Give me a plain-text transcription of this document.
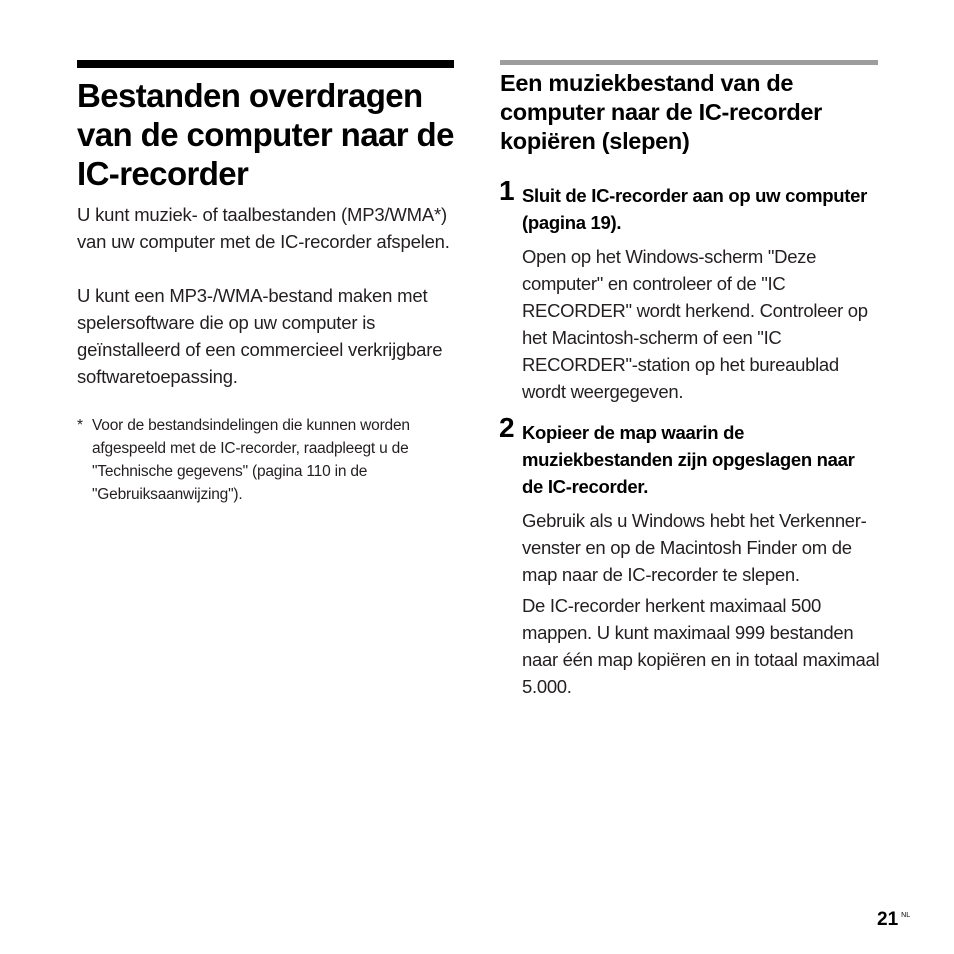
Bestanden overdragen van de computer naar de IC-recorder

U kunt muziek- of taalbestanden (MP3/WMA*) van uw computer met de IC-recorder afspelen.

U kunt een MP3-/WMA-bestand maken met spelersoftware die op uw computer is geïnstalleerd of een commercieel verkrijgbare softwaretoepassing.

* Voor de bestandsindelingen die kunnen worden afgespeeld met de IC-recorder, raadpleegt u de "Technische gegevens" (pagina 110 in de "Gebruiksaanwijzing").
Een muziekbestand van de computer naar de IC-recorder kopiëren (slepen)
1 Sluit de IC-recorder aan op uw computer (pagina 19).

Open op het Windows-scherm "Deze computer" en controleer of de "IC RECORDER" wordt herkend. Controleer op het Macintosh-scherm of een "IC RECORDER"-station op het bureaublad wordt weergegeven.

2 Kopieer de map waarin de muziekbestanden zijn opgeslagen naar de IC-recorder.

Gebruik als u Windows hebt het Verkenner-venster en op de Macintosh Finder om de map naar de IC-recorder te slepen.

De IC-recorder herkent maximaal 500 mappen. U kunt maximaal 999 bestanden naar één map kopiëren en in totaal maximaal 5.000.

21 NL
